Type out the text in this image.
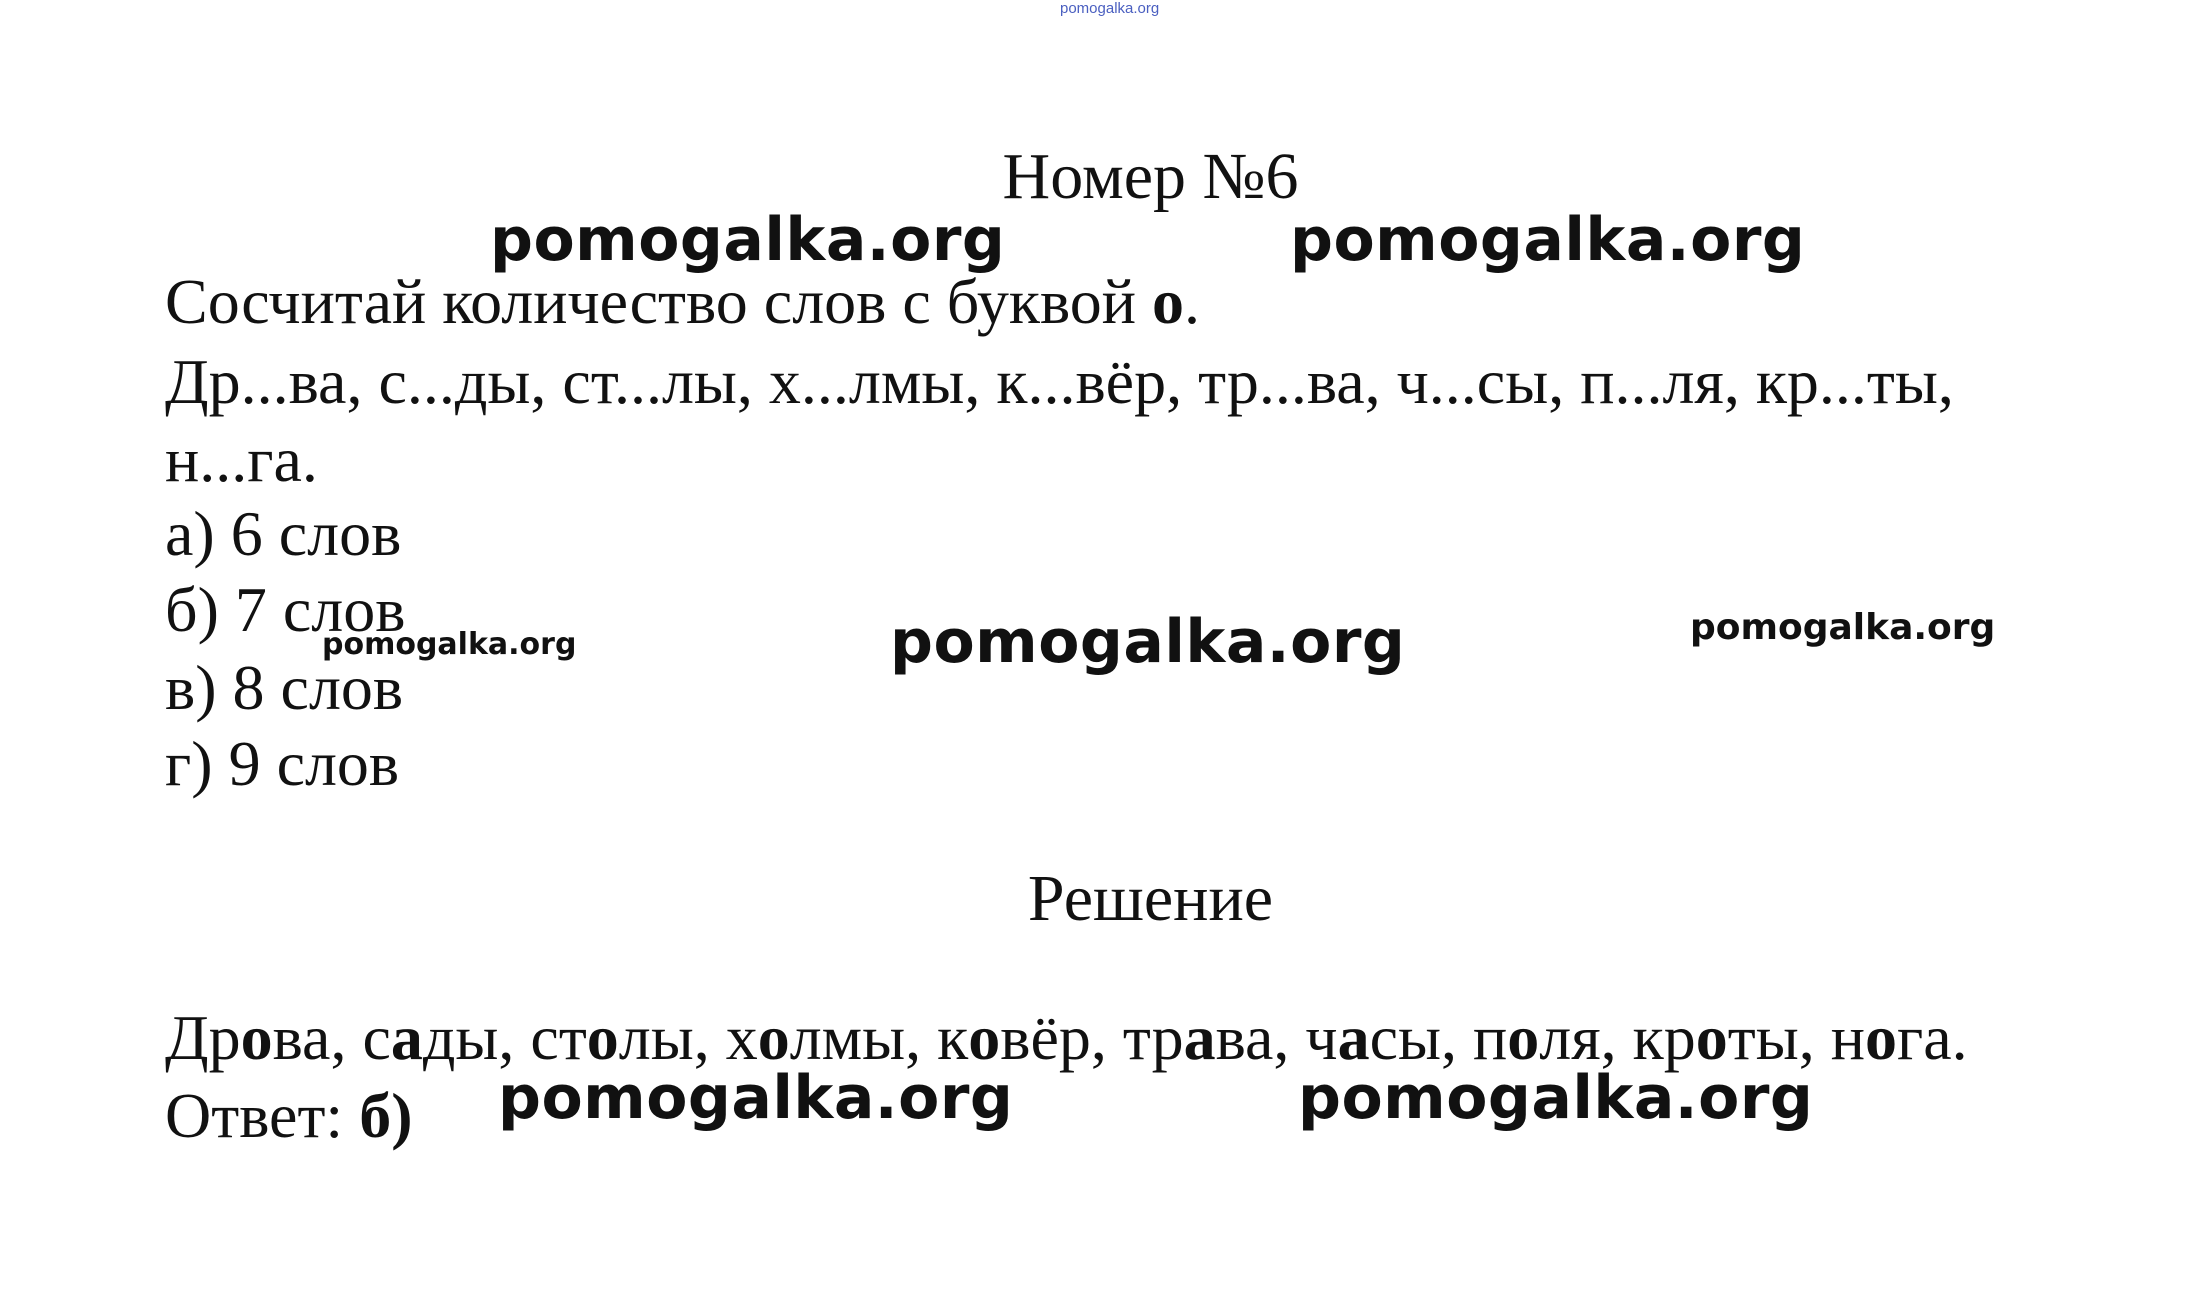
pomogalka.org
Номер №6
Сосчитай количество слов с буквой о.
Др...ва, с...ды, ст...лы, х...лмы, к...вёр, тр...ва, ч...сы, п...ля, кр...ты,
н...га.
а) 6 слов
б) 7 слов
в) 8 слов
г) 9 слов
Решение
Дрова, сады, столы, холмы, ковёр, трава, часы, поля, кроты, нога.
Ответ: б)
pomogalka.org	pomogalka.org
pomogalka.org	pomogalka.org
pomogalka.org
pomogalka.org	pomogalka.org
